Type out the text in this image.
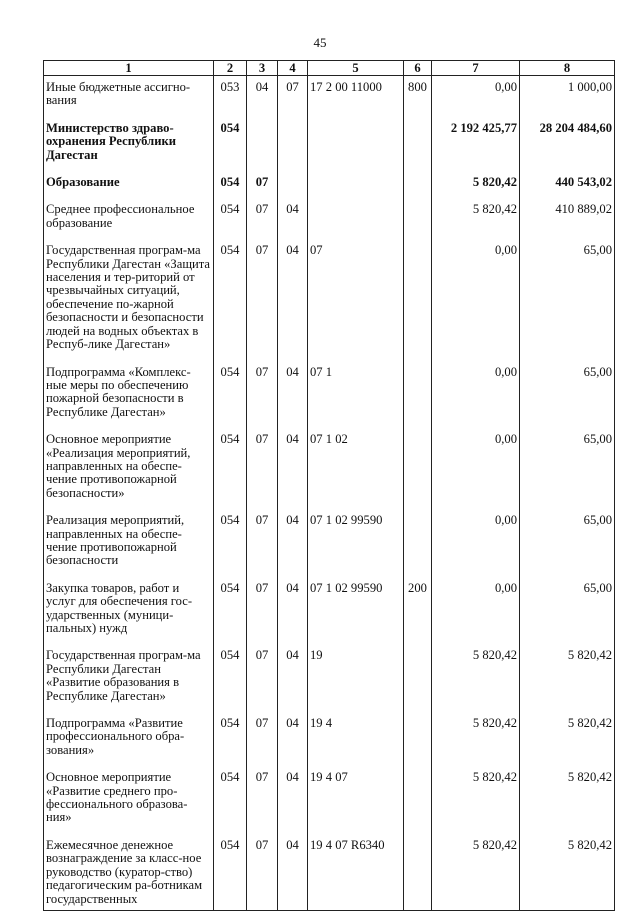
45
1	2	3	4	5	6	7	8
Иные бюджетные ассигно-вания	053	04	07	17 2 00 11000	800	0,00	1 000,00
Министерство здраво-охранения Республики Дагестан	054					2 192 425,77	28 204 484,60
Образование	054	07				5 820,42	440 543,02
Среднее профессиональное образование	054	07	04			5 820,42	410 889,02
Государственная програм-ма Республики Дагестан «Защита населения и тер-риторий от чрезвычайных ситуаций, обеспечение по-жарной безопасности и безопасности людей на водных объектах в Респуб-лике Дагестан»	054	07	04	07		0,00	65,00
Подпрограмма «Комплекс-ные меры по обеспечению пожарной безопасности в Республике Дагестан»	054	07	04	07 1		0,00	65,00
Основное мероприятие «Реализация мероприятий, направленных на обеспе-чение противопожарной безопасности»	054	07	04	07 1 02		0,00	65,00
Реализация мероприятий, направленных на обеспе-чение противопожарной безопасности	054	07	04	07 1 02 99590		0,00	65,00
Закупка товаров, работ и услуг для обеспечения гос-ударственных (муници-пальных) нужд	054	07	04	07 1 02 99590	200	0,00	65,00
Государственная програм-ма Республики Дагестан «Развитие образования в Республике Дагестан»	054	07	04	19		5 820,42	5 820,42
Подпрограмма «Развитие профессионального обра-зования»	054	07	04	19 4		5 820,42	5 820,42
Основное мероприятие «Развитие среднего про-фессионального образова-ния»	054	07	04	19 4 07		5 820,42	5 820,42
Ежемесячное денежное вознаграждение за класс-ное руководство (куратор-ство) педагогическим ра-ботникам государственных	054	07	04	19 4 07 R6340		5 820,42	5 820,42
